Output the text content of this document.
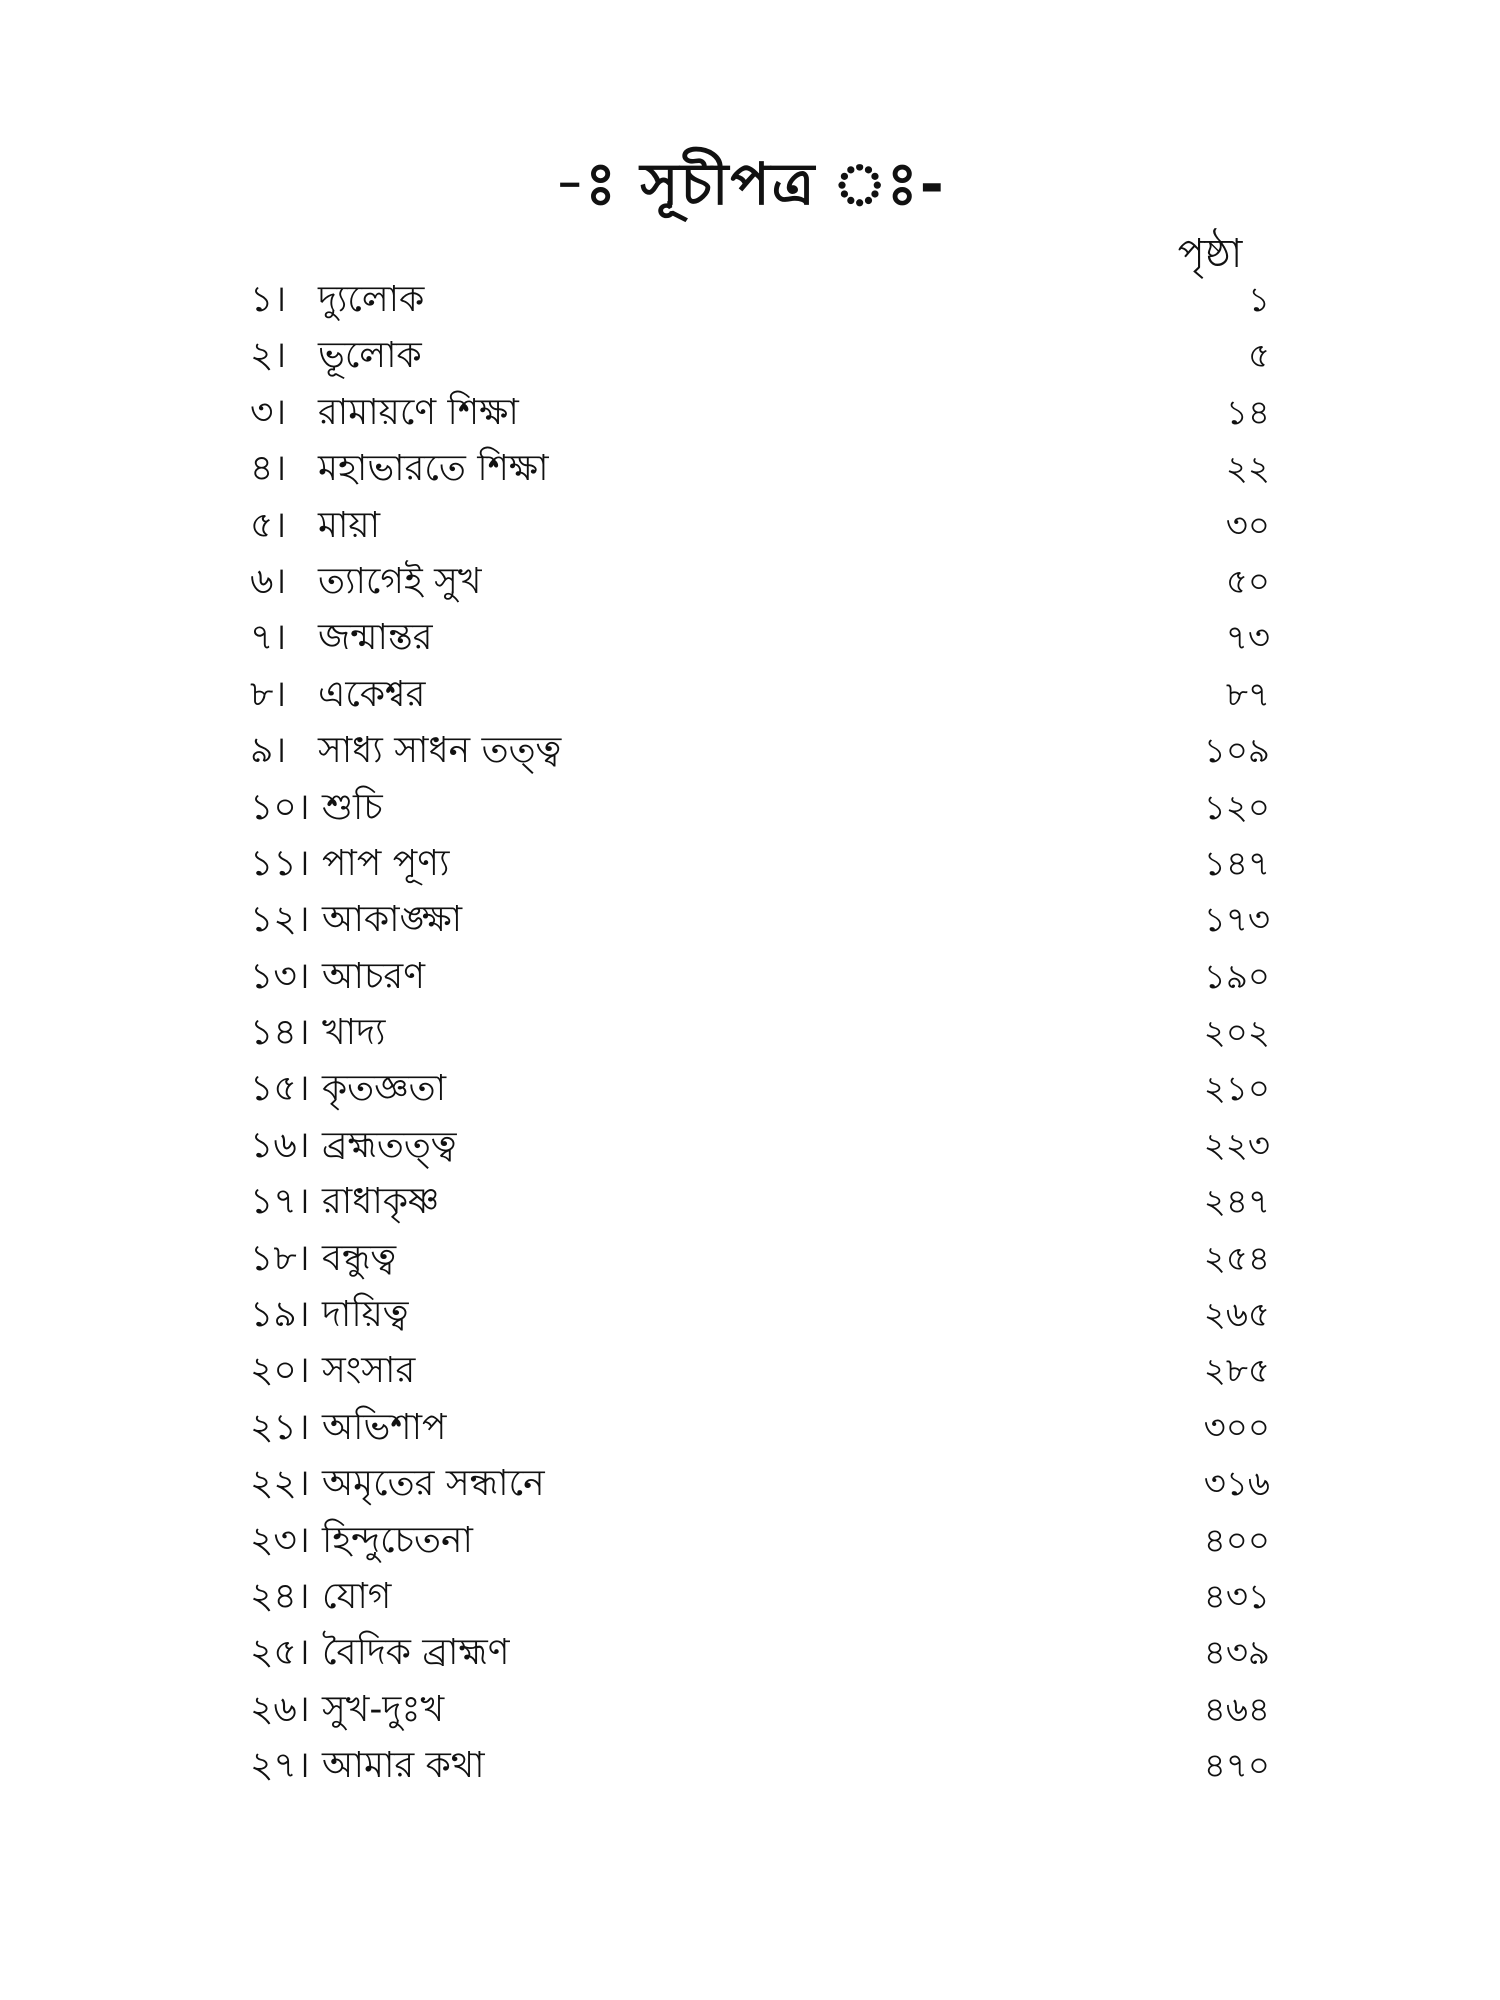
-ঃ সূচীপত্র ঃ-
পৃষ্ঠা
১। দ্যুলোক	১
২। ভূলোক	৫
৩। রামায়ণে শিক্ষা	১৪
৪। মহাভারতে শিক্ষা	২২
৫। মায়া	৩০
৬। ত্যাগেই সুখ	৫০
৭। জন্মান্তর	৭৩
৮। একেশ্বর	৮৭
৯। সাধ্য সাধন তত্ত্ব	১০৯
১০। শুচি	১২০
১১। পাপ পূণ্য	১৪৭
১২। আকাঙ্ক্ষা	১৭৩
১৩। আচরণ	১৯০
১৪। খাদ্য	২০২
১৫। কৃতজ্ঞতা	২১০
১৬। ব্রহ্মতত্ত্ব	২২৩
১৭। রাধাকৃষ্ণ	২৪৭
১৮। বন্ধুত্ব	২৫৪
১৯। দায়িত্ব	২৬৫
২০। সংসার	২৮৫
২১। অভিশাপ	৩০০
২২। অমৃতের সন্ধানে	৩১৬
২৩। হিন্দুচেতনা	৪০০
২৪। যোগ	৪৩১
২৫। বৈদিক ব্রাহ্মণ	৪৩৯
২৬। সুখ-দুঃখ	৪৬৪
২৭। আমার কথা	৪৭০
